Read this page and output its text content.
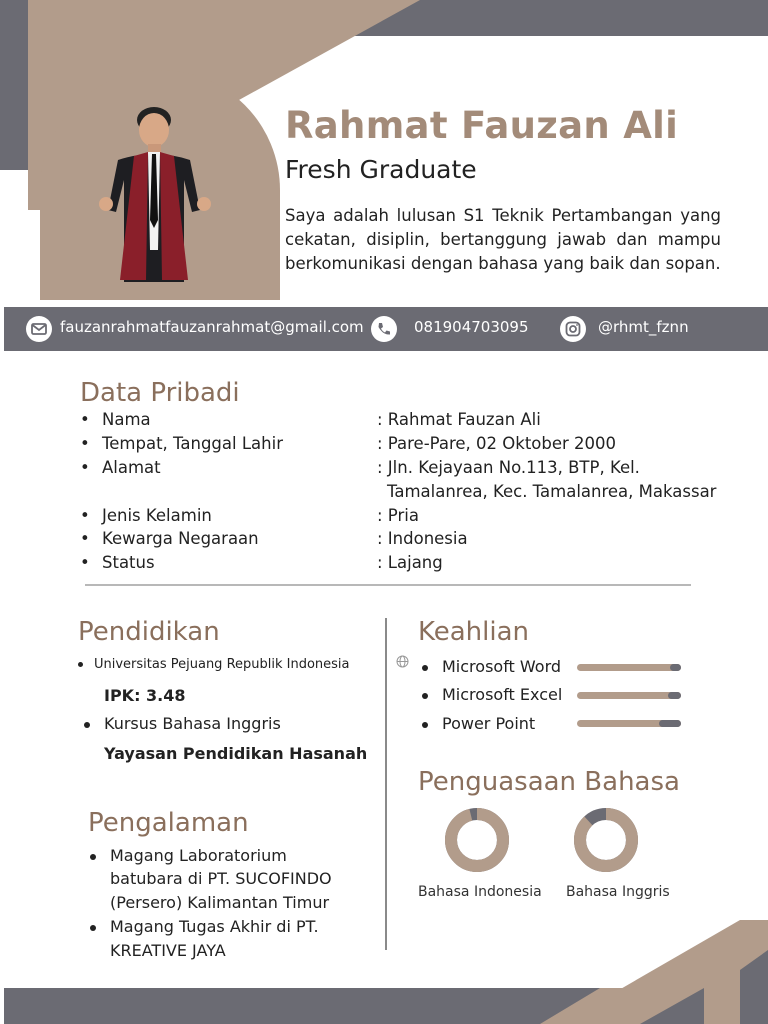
Rahmat Fauzan Ali
Fresh Graduate
Saya adalah lulusan S1 Teknik Pertambangan yang cekatan, disiplin, bertanggung jawab dan mampu berkomunikasi dengan bahasa yang baik dan sopan.
fauzanrahmatfauzanrahmat@gmail.com	081904703095	@rhmt_fznn
Data Pribadi
• Nama	: Rahmat Fauzan Ali
• Tempat, Tanggal Lahir	: Pare-Pare, 02 Oktober 2000
• Alamat	: Jln. Kejayaan No.113, BTP, Kel.
Tamalanrea, Kec. Tamalanrea, Makassar
• Jenis Kelamin	: Pria
• Kewarga Negaraan	: Indonesia
• Status	: Lajang
Pendidikan
Universitas Pejuang Republik Indonesia
IPK: 3.48
Kursus Bahasa Inggris
Yayasan Pendidikan Hasanah
Pengalaman
Magang Laboratorium
batubara di PT. SUCOFINDO
(Persero) Kalimantan Timur
Magang Tugas Akhir di PT.
KREATIVE JAYA
Keahlian
Microsoft Word
Microsoft Excel
Power Point
Penguasaan Bahasa
Bahasa Indonesia Bahasa Inggris
